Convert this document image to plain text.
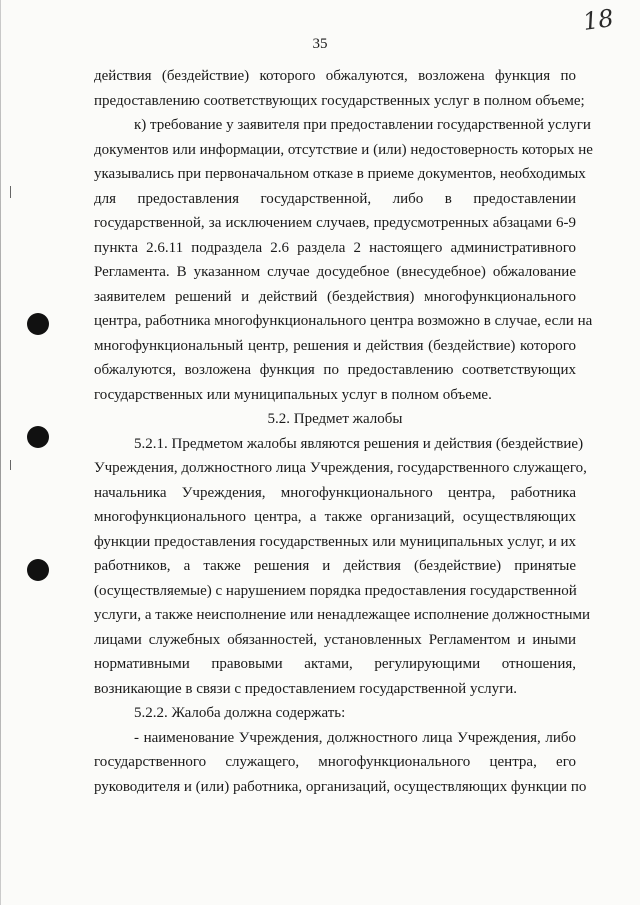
18
35
действия (бездействие) которого обжалуются, возложена функция по
предоставлению соответствующих государственных услуг в полном объеме;
к) требование у заявителя при предоставлении государственной услуги
документов или информации, отсутствие и (или) недостоверность которых не
указывались при первоначальном отказе в приеме документов, необходимых
для предоставления государственной, либо в предоставлении
государственной, за исключением случаев, предусмотренных абзацами 6-9
пункта 2.6.11 подраздела 2.6 раздела 2 настоящего административного
Регламента. В указанном случае досудебное (внесудебное) обжалование
заявителем решений и действий (бездействия) многофункционального
центра, работника многофункционального центра возможно в случае, если на
многофункциональный центр, решения и действия (бездействие) которого
обжалуются, возложена функция по предоставлению соответствующих
государственных или муниципальных услуг в полном объеме.
5.2. Предмет жалобы
5.2.1. Предметом жалобы являются решения и действия (бездействие)
Учреждения, должностного лица Учреждения, государственного служащего,
начальника Учреждения, многофункционального центра, работника
многофункционального центра, а также организаций, осуществляющих
функции предоставления государственных или муниципальных услуг, и их
работников, а также решения и действия (бездействие) принятые
(осуществляемые) с нарушением порядка предоставления государственной
услуги, а также неисполнение или ненадлежащее исполнение должностными
лицами служебных обязанностей, установленных Регламентом и иными
нормативными правовыми актами, регулирующими отношения,
возникающие в связи с предоставлением государственной услуги.
5.2.2. Жалоба должна содержать:
- наименование Учреждения, должностного лица Учреждения, либо
государственного служащего, многофункционального центра, его
руководителя и (или) работника, организаций, осуществляющих функции по
